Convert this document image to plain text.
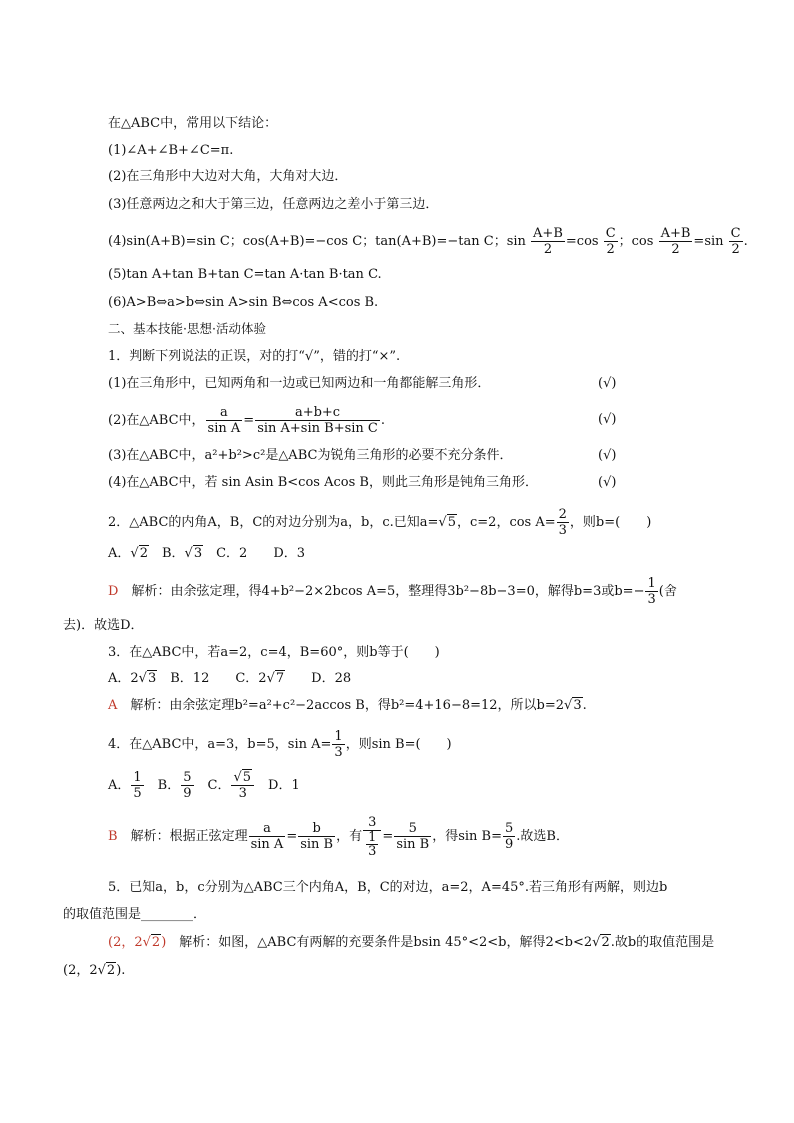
在△ABC中，常用以下结论：
(1)∠A+∠B+∠C=π.
(2)在三角形中大边对大角，大角对大边．
(3)任意两边之和大于第三边，任意两边之差小于第三边．
(4)sin(A+B)=sin C；cos(A+B)=−cos C；tan(A+B)=−tan C；$\sin \frac{A+B}{2} =\cos \frac{C}{2}$ ；$\cos \frac{A+B}{2} =\sin \frac{C}{2}$ .
(5)tan A+tan B+tan C=tan A·tan B·tan C.
(6)A>B⇔a>b⇔sin A>sin B⇔cos A<cos B.
二、基本技能·思想·活动体验
1．判断下列说法的正误，对的打“√”，错的打“×”.
(1)在三角形中，已知两角和一边或已知两边和一角都能解三角形．	(√)
(2)在△ABC中， $\frac{a}{\text{sin A}} = \frac{a+b+c}{\text{sin A+sin B+sin C}}$ .	(√)
(3)在△ABC中，a²+b²>c²是△ABC为锐角三角形的必要不充分条件．	(√)
(4)在△ABC中，若 sin Asin B<cos Acos B，则此三角形是钝角三角形．	(√)
2．△ABC的内角A，B，C的对边分别为a，b，c.已知a=√5，c=2，$\cos A= \frac{2}{3}$ ，则b=(　　)
A．√2　B．√3　C．2　　D．3
D　解析：由余弦定理，得4+b²−2×2bcos A=5，整理得3b²−8b−3=0，解得b=3或$b=- \frac{1}{3}$ (舍
去)．故选D．
3．在△ABC中，若a=2，c=4，B=60°，则b等于(　　)
A．2√3　B．12　　C．2√7　　D．28
A　解析：由余弦定理b²=a²+c²−2accos B，得b²=4+16−8=12，所以b=2√3.
4．在△ABC中，a=3，b=5，$\sin A= \frac{1}{3}$ ，则sin B=(　　)
A． $\frac{1}{5}$ 　B． $\frac{5}{9}$ 　C． $\frac{√5}{3}$ 　D．1
B　解析：根据正弦定理 $\frac{a}{\text{sin A}} = \frac{b}{\text{sin B}}$ ，有 $\frac{3}{\frac{1}{3}} = \frac{5}{\text{sin B}}$ ，得$\sin B= \frac{5}{9}$ .故选B．
5．已知a，b，c分别为△ABC三个内角A，B，C的对边，a=2，A=45°.若三角形有两解，则边b
的取值范围是________．
(2，2√2)　解析：如图，△ABC有两解的充要条件是bsin 45°<2<b，解得2<b<2√2.故b的取值范围是
(2，2√2).
